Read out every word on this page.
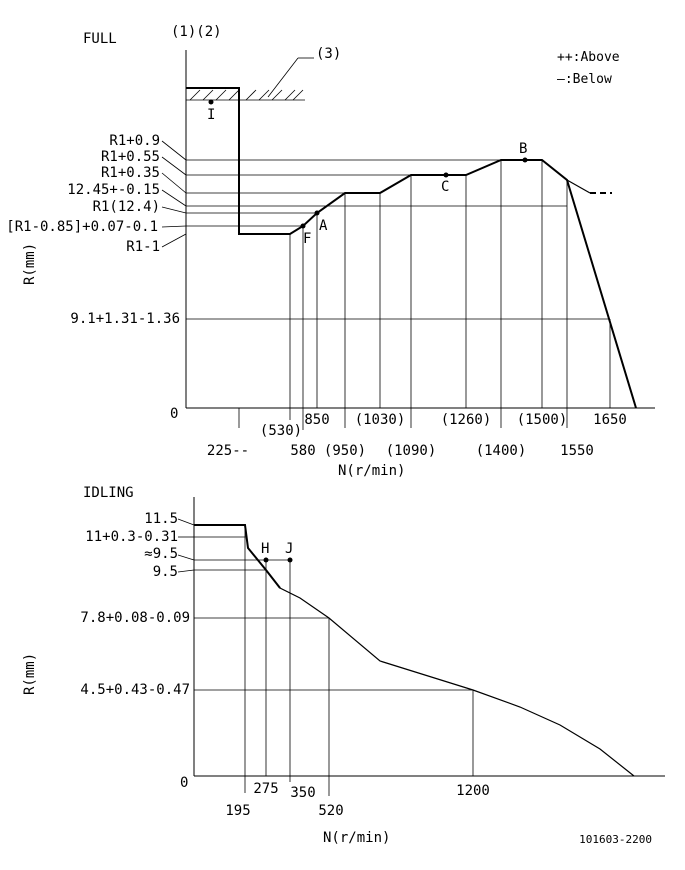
FULL	(1)(2)
(3)	++:Above
—:Below
0
R(mm)
N(r/min)
I
A
B
C
F
R1+0.9
R1+0.55
R1+0.35
12.45+-0.15
R1(12.4)
[R1-0.85]+0.07-0.1
R1-1
9.1+1.31-1.36
850 (1030)	(1260) (1500) 1650
(530)
225--	580 (950) (1090)	(1400) 1550
IDLING
0
R(mm)
N(r/min)
H J
11.5
11+0.3-0.31
≈9.5
9.5
7.8+0.08-0.09
4.5+0.43-0.47
275 350	1200
195	520
101603-2200
